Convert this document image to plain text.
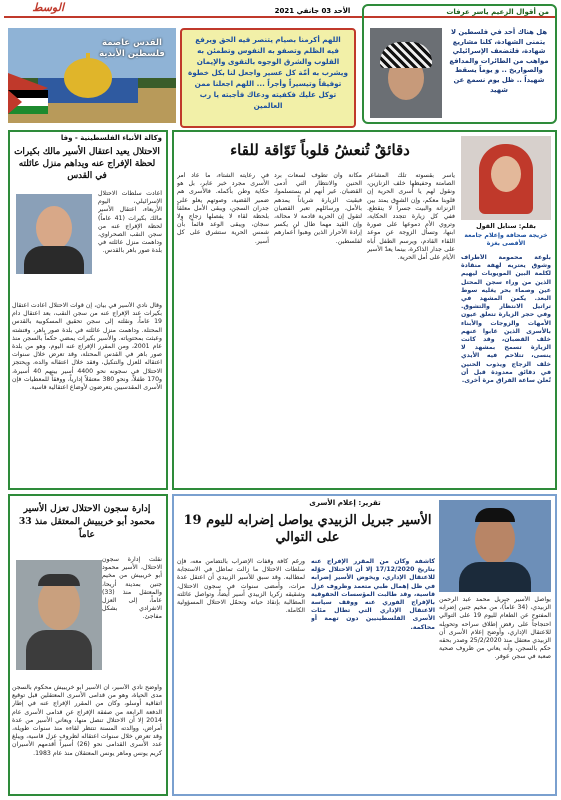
الوسط	الأحد 03 جانفي 2021
القدس عاصمة
فلسطين الأبدية
اللهم أكرمنا بصيام يتنصر فيه الحق ويرفع فيه الظلم وتصفو به النفوس وتطمئن به القلوب والشرق الوجوه بالتقوى والإيمان ويشرب به أمّة كل عسير واجعل لنا بكل خطوة توفيقاً وتيسيراً وأجراً ... اللهم اجعلنا ممن توكل عليك فكفيته ودعاك فأجبته يا رب العالمين
من أقوال الزعيم ياسر عرفات
هل هناك أحد في فلسطين لا يتمنى الشهادة، كلنا مشاريع شهادة، فلتضعف الإسرائيلي مواهب من الطائرات والمدافع والصواريخ .. و يوماً يسقط شهيداً .. ظل يوم نسمع عن شهيد
وكالة الأنباء الفلسطينية - وفا
الاحتلال يعيد اعتقال الأسير مالك بكيرات لحظة الإفراج عنه ويداهم منزل عائلته في القدس
أعادت سلطات الاحتلال الإسرائيلي، اليوم الأربعاء، اعتقال الأسير مالك بكيرات (41 عاماً) لحظة الإفراج عنه من سجن النقب الصحراوي، وداهمت منزل عائلته في بلدة صور باهر بالقدس.
وقال نادي الأسير في بيان، إن قوات الاحتلال أعادت اعتقال بكيرات عند الإفراج عنه من سجن النقب، بعد اعتقال دام 19 عاماً، ونقلته إلى سجن تحقيق المسكوبية بالقدس المحتلة. وداهمت منزل عائلته في بلدة صور باهر، وفتشته وعبثت بمحتوياته. والأسير بكيرات يمضي حكماً بالسجن منذ عام 2001، ومن المقرر الإفراج عنه اليوم، وهو من بلدة صور باهر في القدس المحتلة، وقد تعرض خلال سنوات اعتقاله للعزل والتنكيل، وفقد خلال اعتقاله والده، ويحتجز الاحتلال في سجونه نحو 4400 أسير بينهم 40 أسيرة، و170 طفلاً، ونحو 380 معتقلاً إدارياً، ووفقاً للمعطيات فإن الأسرى المقدسيين يتعرضون لأوضاع اعتقالية قاسية.
دقائقٌ تُنعشُ قلوباً تَوّاقة للقاء
بقلم: سنابل القول
خريجة صحافة وإعلام جامعة الأقصى بغزة
بلوعة محمومة الأطراف وشوق يعتريه لهفة منقادة لكلمة البين المويوبات ليهيم الذين من وراء سجن المحتل عين وصماء بحر يغليه سوط البعد. يكمن المشهد في تراتيل الانتظار والتشوق. وفي حجر الزيارة تتعلق عيون الأمهات والزوجات والأبناء بالأسرى الذين غابوا عنهم خلف القضبان، وقد كانت الزيارة تسمح بمشهد لا ينسى، تتلاحم فيه الأيدي خلف الزجاج ويذوب الحنين في دقائق معدودة قبل أن تُعلن ساعة الفراق مرة أخرى.
ياسر بقسوته تلك المشاعر الصامتة وحفيظها خلف الزنازين، ونقول لهم يا أسرى الحرية إن قلوبنا معكم، وإن الشوق يمتد بين الزنزانة والبيت جسراً لا ينقطع. ففي كل زيارة تتجدد الحكاية، وتروي الأم دموعها على صورة ابنها، وتسأل الزوجة عن موعد اللقاء القادم، ويرسم الطفل أباه على جدار الذاكرة، بينما يعدّ الأسير الأيام على أمل الحرية.
مكانة وأن تطوف لسعات برد الحنين والانتظار التي أدمى القضبان. غير أنهم لم يستسلموا، فبقيت الزيارة شرياناً يمدهم بالأمل، ورسائلهم تعبر القضبان لتقول إن الحرية قادمة لا محالة، وإن القيد مهما طال لن يكسر إرادة الأحرار الذين وهبوا أعمارهم لفلسطين.
في رعايته الشتاء، ما عاد أمر الأسرى مجرد خبر عابر، بل هو حكاية وطن بأكمله. فالأسرى هم ضمير القضية، وصوتهم يعلو على جدران السجن، ويبقى الأمل معلقاً بلحظة لقاء لا يفصلها زجاج ولا سجان، ويبقى الوعد قائماً بأن شمس الحرية ستشرق على كل أسير.
تقرير: إعلام الأسرى
الأسير جبريل الزبيدي يواصل إضرابه لليوم 19 على التوالي
يواصل الأسير جبريل محمد عبد الرحمن الزبيدي، (34 عاماً)، من مخيم جنين إضرابه المفتوح عن الطعام لليوم 19 على التوالي احتجاجاً على رفض إطلاق سراحه وتحويله للاعتقال الإداري، وأوضح إعلام الأسرى أن الزبيدي معتقل منذ 25/2/2020 وصدر بحقه حكم بالسجن، وأنه يعاني من ظروف صحية صعبة في سجن عوفر.
كاشفة وكان من المقرر الإفراج عنه بتاريخ 17/12/2020 إلا أن الاحتلال حوّله للاعتقال الإداري، ويخوض الأسير إضرابه في ظل إهمال طبي متعمد وظروف عزل قاسية، وقد طالبت المؤسسات الحقوقية بالإفراج الفوري عنه ووقف سياسة الاعتقال الإداري التي تطال مئات الأسرى الفلسطينيين دون تهمة أو محاكمة.
ورغم كافة وقفات الإضراب بالتضامن معه، فإن سلطات الاحتلال ما زالت تماطل في الاستجابة لمطالبه. وقد سبق للأسير الزبيدي أن اعتقل عدة مرات، وأمضى سنوات في سجون الاحتلال، وشقيقه زكريا الزبيدي أسير أيضاً، وتواصل عائلته المطالبة بإنقاذ حياته وتحمّل الاحتلال المسؤولية الكاملة.
إدارة سجون الاحتلال تعزل الأسير محمود أبو خريبيش المعتقل منذ 33 عاماً
نقلت إدارة سجون الاحتلال، الأسير محمود أبو خريبيش من مخيم جنين بمدينة أريحا، والمعتقل منذ (33) عاماً، إلى العزل الانفرادي بشكل مفاجئ.
وأوضح نادي الأسير، أن الأسير أبو خريبيش محكوم بالسجن مدى الحياة، وهو من قدامى الأسرى المعتقلين قبل توقيع اتفاقية أوسلو، وكان من المقرر الإفراج عنه في إطار الدفعة الرابعة من صفقة الإفراج عن قدامى الأسرى عام 2014 إلا أن الاحتلال تنصل منها، ويعاني الأسير من عدة أمراض، ووالدته المسنة تنتظر لقاءه منذ سنوات طويلة، وقد تعرض خلال سنوات اعتقاله لظروف عزل قاسية، ويبلغ عدد الأسرى القدامى نحو (26) أسيراً أقدمهم الأسيران كريم يونس وماهر يونس المعتقلان منذ عام 1983.
